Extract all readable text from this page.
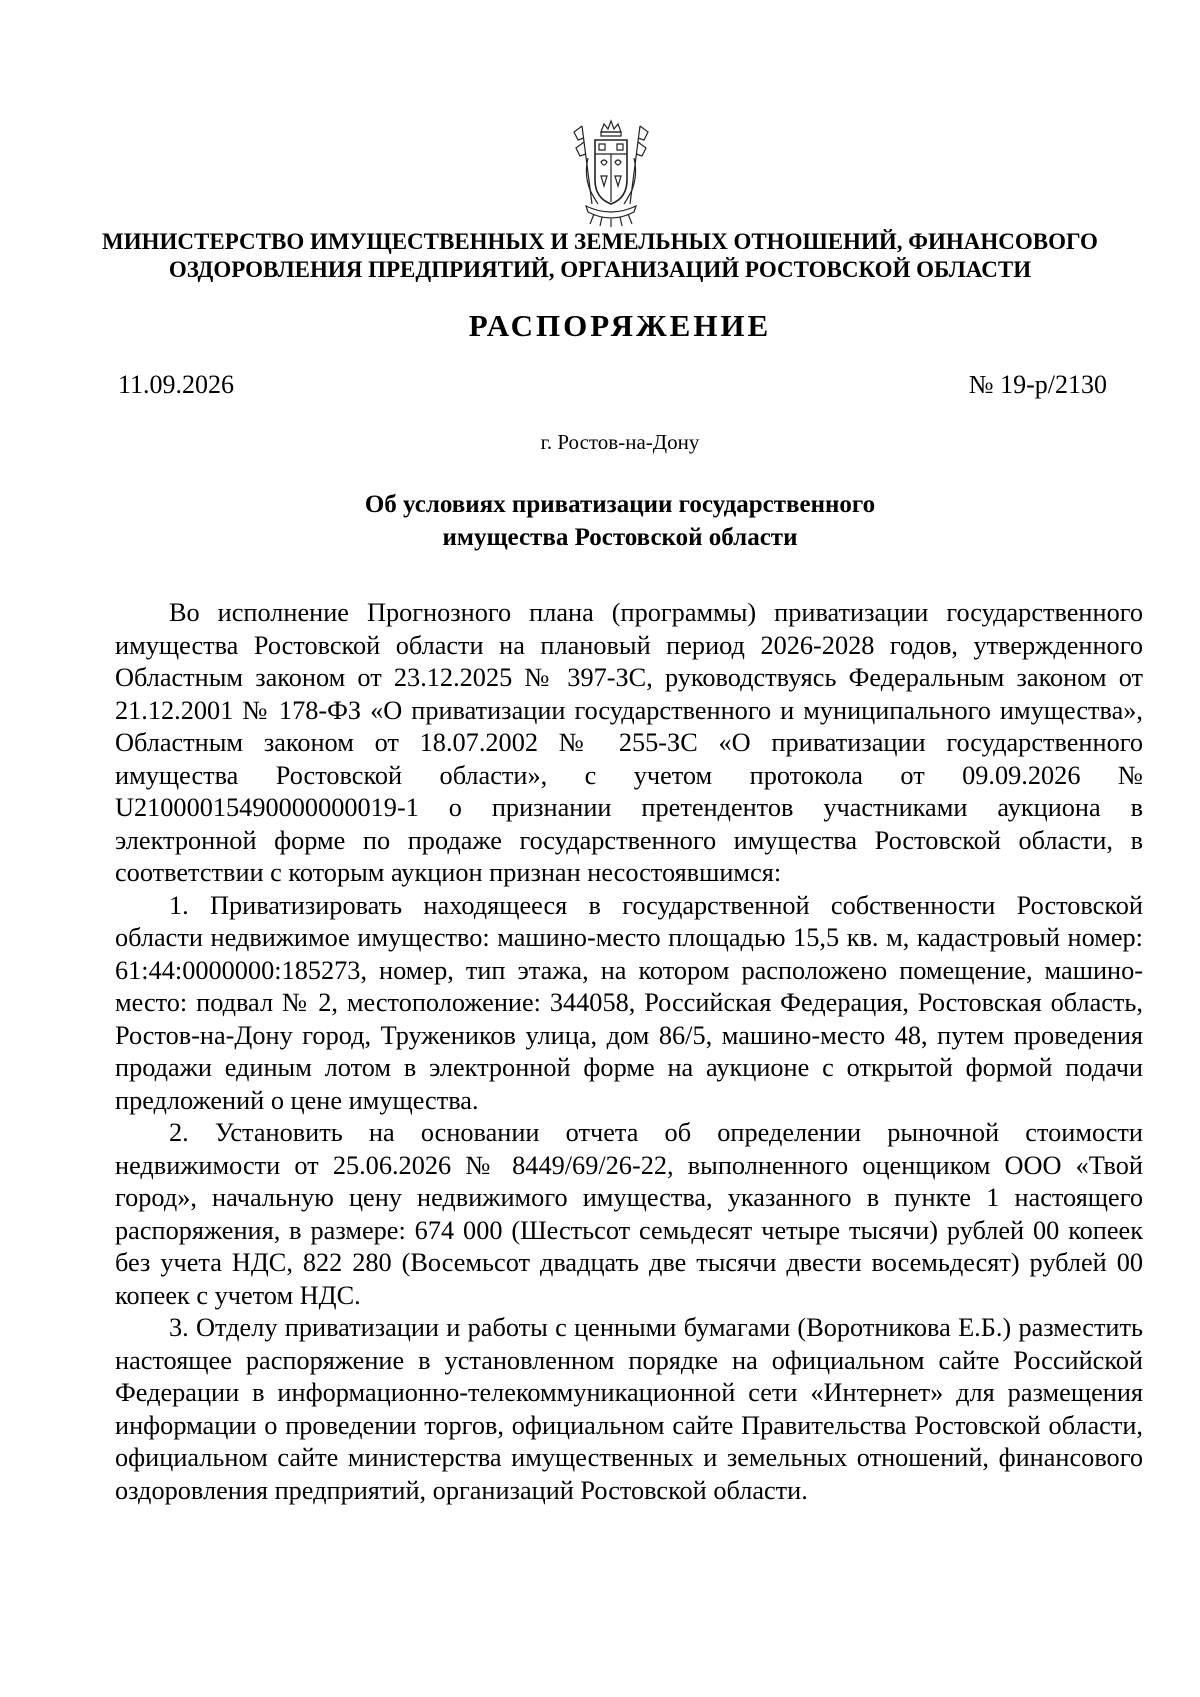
МИНИСТЕРСТВО ИМУЩЕСТВЕННЫХ И ЗЕМЕЛЬНЫХ ОТНОШЕНИЙ, ФИНАНСОВОГО
ОЗДОРОВЛЕНИЯ ПРЕДПРИЯТИЙ, ОРГАНИЗАЦИЙ РОСТОВСКОЙ ОБЛАСТИ
РАСПОРЯЖЕНИЕ
11.09.2026	№ 19-р/2130
г. Ростов-на-Дону
Об условиях приватизации государственного
имущества Ростовской области

Во исполнение Прогнозного плана (программы) приватизации государственного имущества Ростовской области на плановый период 2026-2028 годов, утвержденного Областным законом от 23.12.2025 № 397-ЗС, руководствуясь Федеральным законом от 21.12.2001 № 178-ФЗ «О приватизации государственного и муниципального имущества», Областным законом от 18.07.2002 № 255-ЗС «О приватизации государственного имущества Ростовской области», с учетом протокола от 09.09.2026 № U21000015490000000019-1 о признании претендентов участниками аукциона в электронной форме по продаже государственного имущества Ростовской области, в соответствии с которым аукцион признан несостоявшимся:

1. Приватизировать находящееся в государственной собственности Ростовской области недвижимое имущество: машино-место площадью 15,5 кв. м, кадастровый номер: 61:44:0000000:185273, номер, тип этажа, на котором расположено помещение, машино-место: подвал № 2, местоположение: 344058, Российская Федерация, Ростовская область, Ростов-на-Дону город, Тружеников улица, дом 86/5, машино-место 48, путем проведения продажи единым лотом в электронной форме на аукционе с открытой формой подачи предложений о цене имущества.

2. Установить на основании отчета об определении рыночной стоимости недвижимости от 25.06.2026 № 8449/69/26-22, выполненного оценщиком ООО «Твой город», начальную цену недвижимого имущества, указанного в пункте 1 настоящего распоряжения, в размере: 674 000 (Шестьсот семьдесят четыре тысячи) рублей 00 копеек без учета НДС, 822 280 (Восемьсот двадцать две тысячи двести восемьдесят) рублей 00 копеек с учетом НДС.

3. Отделу приватизации и работы с ценными бумагами (Воротникова Е.Б.) разместить настоящее распоряжение в установленном порядке на официальном сайте Российской Федерации в информационно-телекоммуникационной сети «Интернет» для размещения информации о проведении торгов, официальном сайте Правительства Ростовской области, официальном сайте министерства имущественных и земельных отношений, финансового оздоровления предприятий, организаций Ростовской области.
